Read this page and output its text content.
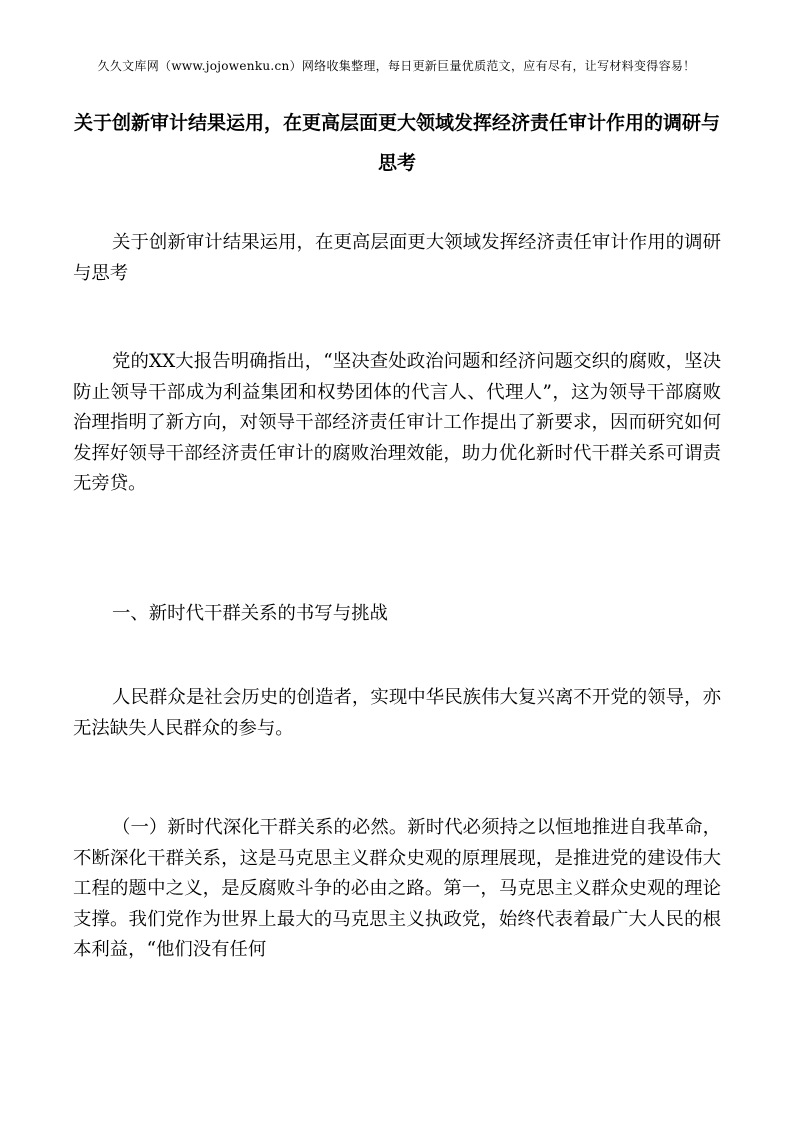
久久文库网（www.jojowenku.cn）网络收集整理，每日更新巨量优质范文，应有尽有，让写材料变得容易！
关于创新审计结果运用，在更高层面更大领域发挥经济责任审计作用的调研与思考

关于创新审计结果运用，在更高层面更大领域发挥经济责任审计作用的调研与思考

党的XX大报告明确指出，“坚决查处政治问题和经济问题交织的腐败，坚决防止领导干部成为利益集团和权势团体的代言人、代理人”，这为领导干部腐败治理指明了新方向，对领导干部经济责任审计工作提出了新要求，因而研究如何发挥好领导干部经济责任审计的腐败治理效能，助力优化新时代干群关系可谓责无旁贷。

一、新时代干群关系的书写与挑战

人民群众是社会历史的创造者，实现中华民族伟大复兴离不开党的领导，亦无法缺失人民群众的参与。

（一）新时代深化干群关系的必然。新时代必须持之以恒地推进自我革命，不断深化干群关系，这是马克思主义群众史观的原理展现，是推进党的建设伟大工程的题中之义，是反腐败斗争的必由之路。第一，马克思主义群众史观的理论支撑。我们党作为世界上最大的马克思主义执政党，始终代表着最广大人民的根本利益，“他们没有任何
